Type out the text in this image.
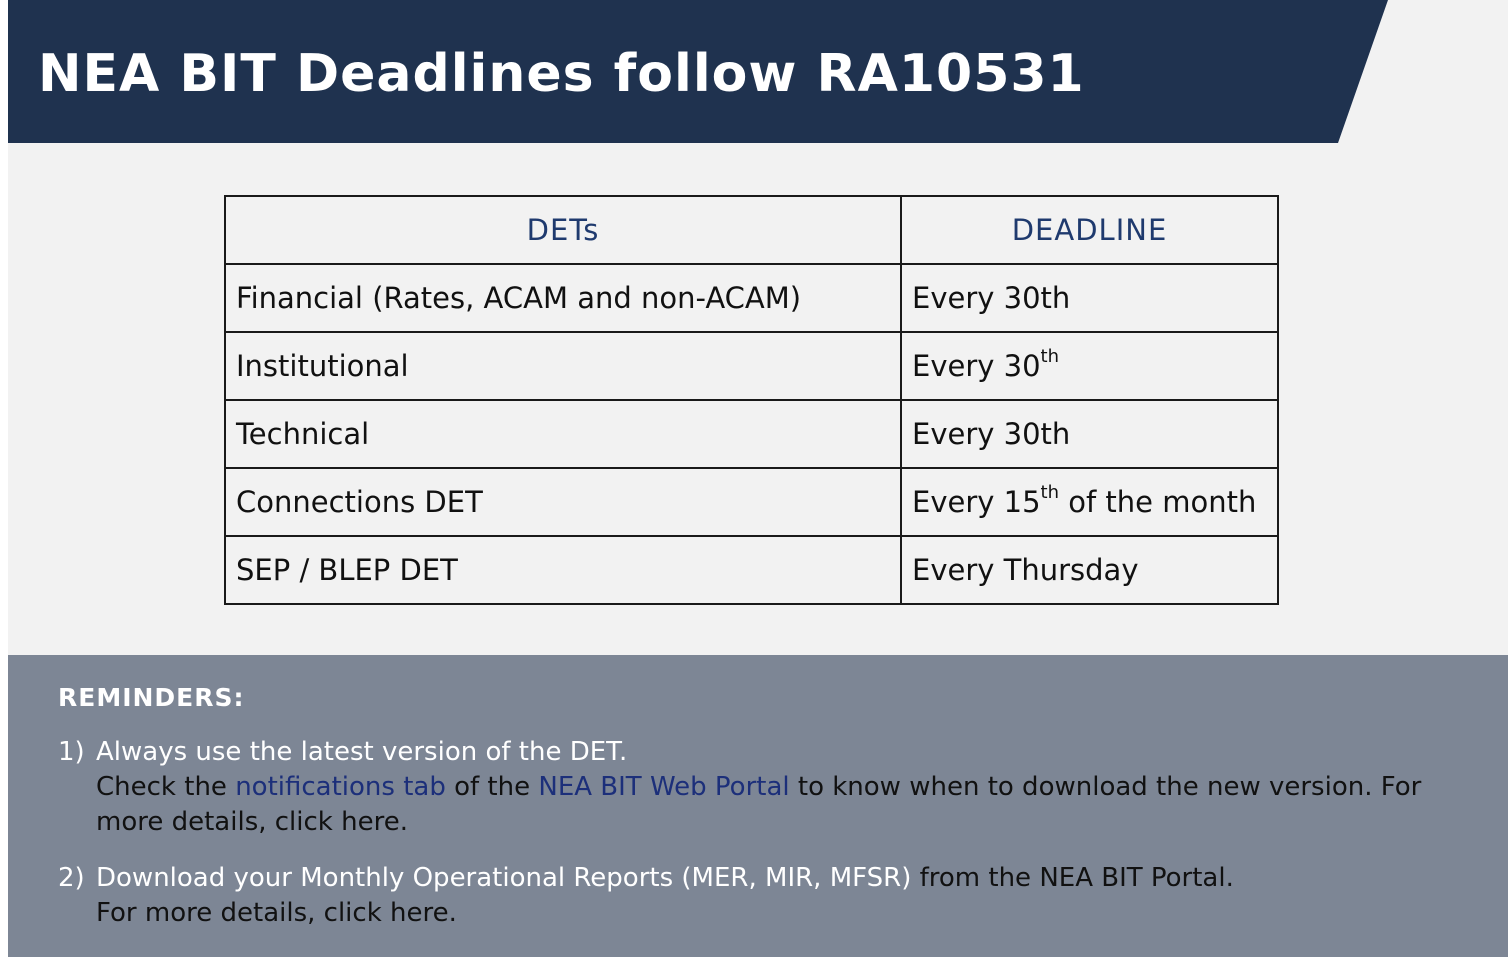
NEA BIT Deadlines follow RA10531
DETs	DEADLINE
Financial (Rates, ACAM and non-ACAM)	Every 30th
Institutional	Every 30th
Technical	Every 30th
Connections DET	Every 15th of the month
SEP / BLEP DET	Every Thursday
REMINDERS:
1) Always use the latest version of the DET.
Check the notifications tab of the NEA BIT Web Portal to know when to download the new version. For more details, click here.
2) Download your Monthly Operational Reports (MER, MIR, MFSR) from the NEA BIT Portal.
For more details, click here.
